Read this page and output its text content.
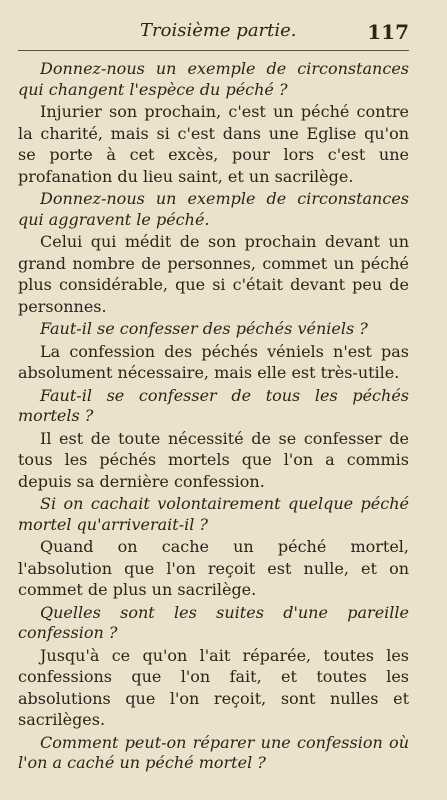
Troisième partie.	117

Donnez-nous un exemple de circonstances qui changent l'espèce du péché ?

Injurier son prochain, c'est un péché contre la charité, mais si c'est dans une Eglise qu'on se porte à cet excès, pour lors c'est une profanation du lieu saint, et un sacrilège.

Donnez-nous un exemple de circonstances qui aggravent le péché.

Celui qui médit de son prochain devant un grand nombre de personnes, commet un péché plus considérable, que si c'était devant peu de personnes.

Faut-il se confesser des péchés véniels ?

La confession des péchés véniels n'est pas absolument nécessaire, mais elle est très-utile.

Faut-il se confesser de tous les péchés mortels ?

Il est de toute nécessité de se confesser de tous les péchés mortels que l'on a commis depuis sa dernière confession.

Si on cachait volontairement quelque péché mortel qu'arriverait-il ?

Quand on cache un péché mortel, l'absolution que l'on reçoit est nulle, et on commet de plus un sacrilège.

Quelles sont les suites d'une pareille confession ?

Jusqu'à ce qu'on l'ait réparée, toutes les confessions que l'on fait, et toutes les absolutions que l'on reçoit, sont nulles et sacrilèges.

Comment peut-on réparer une confession où l'on a caché un péché mortel ?
